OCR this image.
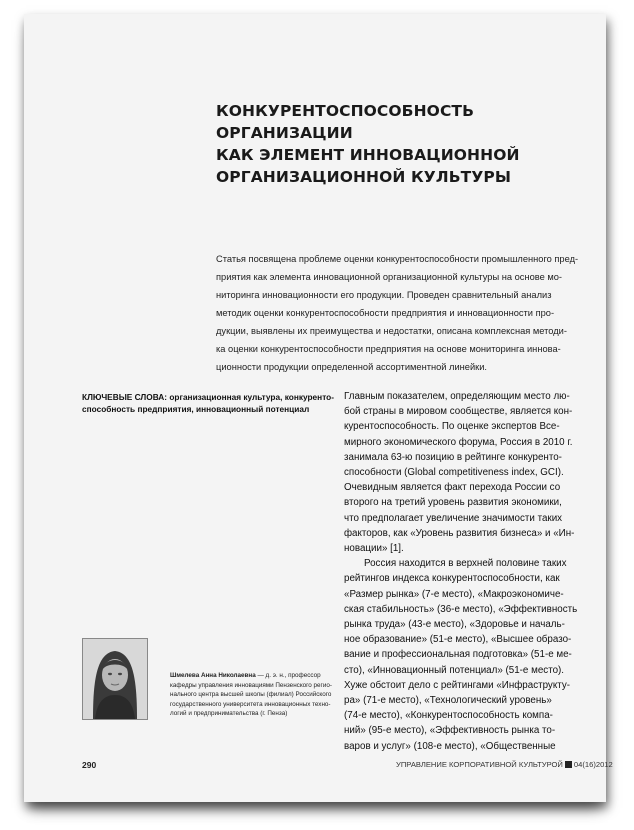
КОНКУРЕНТОСПОСОБНОСТЬ ОРГАНИЗАЦИИ
КАК ЭЛЕМЕНТ ИННОВАЦИОННОЙ
ОРГАНИЗАЦИОННОЙ КУЛЬТУРЫ

Статья посвящена проблеме оценки конкурентоспособности промышленного пред-
приятия как элемента инновационной организационной культуры на основе мо-
ниторинга инновационности его продукции. Проведен сравнительный анализ
методик оценки конкурентоспособности предприятия и инновационности про-
дукции, выявлены их преимущества и недостатки, описана комплексная методи-
ка оценки конкурентоспособности предприятия на основе мониторинга иннова-
ционности продукции определенной ассортиментной линейки.

КЛЮЧЕВЫЕ СЛОВА: организационная культура, конкуренто-
способность предприятия, инновационный потенциал

Главным показателем, определяющим место лю-
бой страны в мировом сообществе, является кон-
курентоспособность. По оценке экспертов Все-
мирного экономического форума, Россия в 2010 г.
занимала 63-ю позицию в рейтинге конкуренто-
способности (Global competitiveness index, GCI).
Очевидным является факт перехода России со
второго на третий уровень развития экономики,
что предполагает увеличение значимости таких
факторов, как «Уровень развития бизнеса» и «Ин-
новации» [1].
Россия находится в верхней половине таких
рейтингов индекса конкурентоспособности, как
«Размер рынка» (7-е место), «Макроэкономиче-
ская стабильность» (36-е место), «Эффективность
рынка труда» (43-е место), «Здоровье и началь-
ное образование» (51-е место), «Высшее образо-
вание и профессиональная подготовка» (51-е ме-
сто), «Инновационный потенциал» (51-е место).
Хуже обстоит дело с рейтингами «Инфраструкту-
ра» (71-е место), «Технологический уровень»
(74-е место), «Конкурентоспособность компа-
ний» (95-е место), «Эффективность рынка то-
варов и услуг» (108-е место), «Общественные
Шмелева Анна Николаевна — д. э. н., профессор
кафедры управления инновациями Пензенского регио-
нального центра высшей школы (филиал) Российского
государственного университета инновационных техно-
логий и предпринимательства (г. Пенза)
290	УПРАВЛЕНИЕ КОРПОРАТИВНОЙ КУЛЬТУРОЙ 04(16)2012
